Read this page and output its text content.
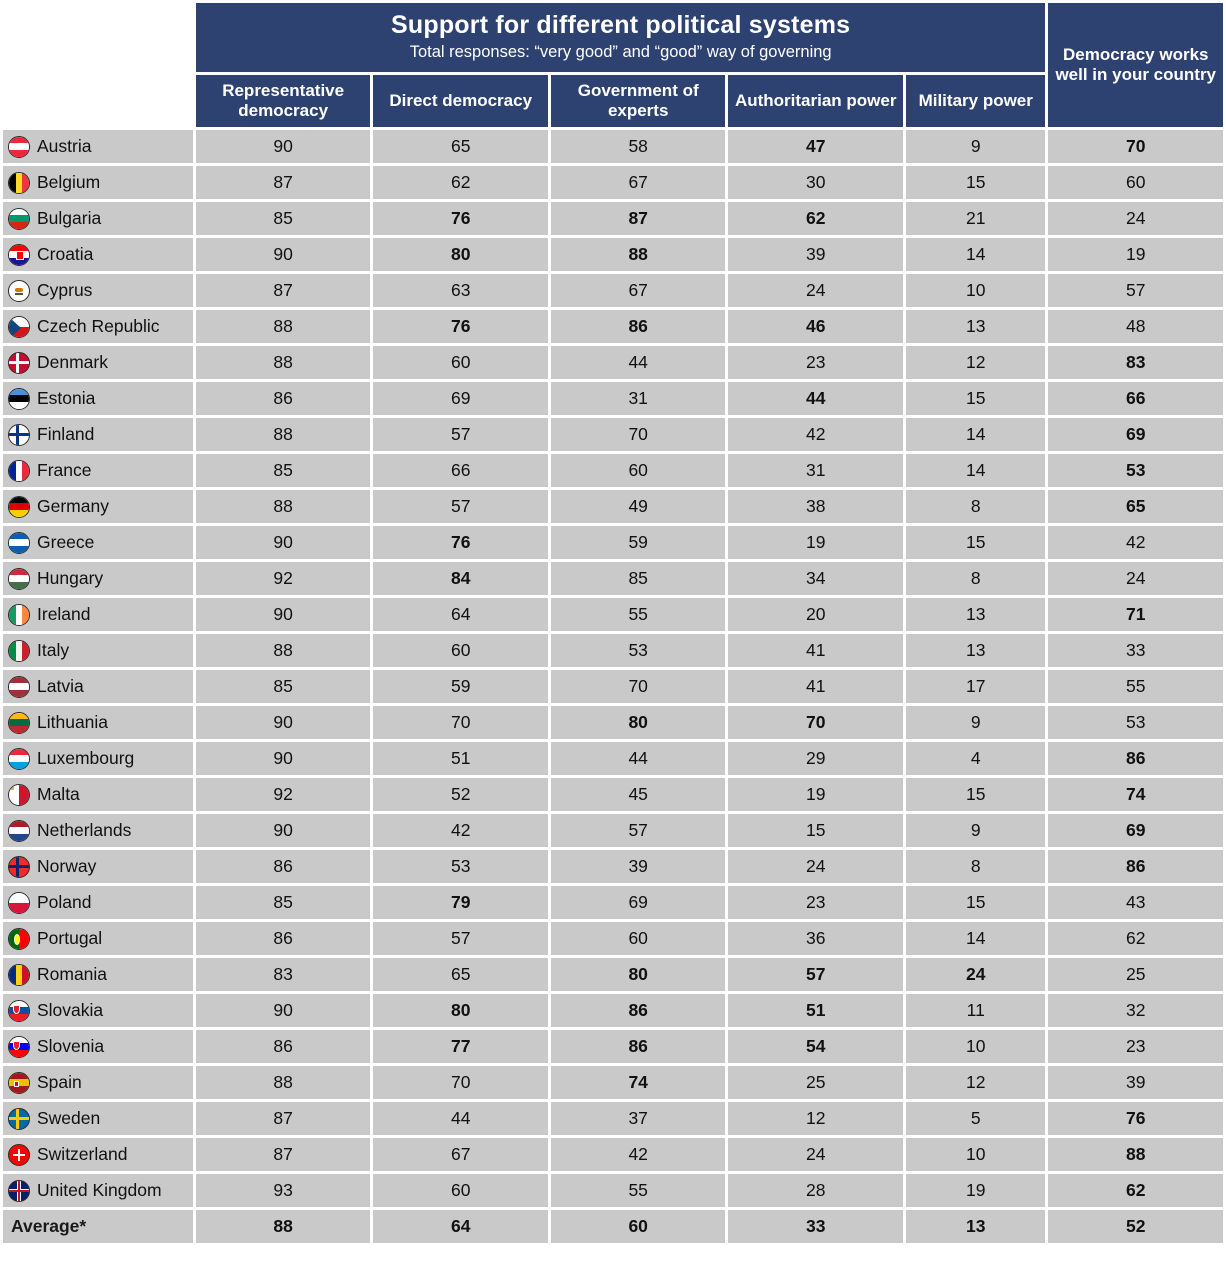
	Support for different political systems
Total responses: “very good” and “good” way of governing					Democracy works well in your country
	Representative democracy	Direct democracy	Government of experts	Authoritarian power	Military power	

Austria	90	65	58	47	9	70

Belgium	87	62	67	30	15	60

Bulgaria	85	76	87	62	21	24

Croatia	90	80	88	39	14	19

Cyprus	87	63	67	24	10	57

Czech Republic	88	76	86	46	13	48

Denmark	88	60	44	23	12	83

Estonia	86	69	31	44	15	66

Finland	88	57	70	42	14	69

France	85	66	60	31	14	53

Germany	88	57	49	38	8	65

Greece	90	76	59	19	15	42

Hungary	92	84	85	34	8	24

Ireland	90	64	55	20	13	71

Italy	88	60	53	41	13	33

Latvia	85	59	70	41	17	55

Lithuania	90	70	80	70	9	53

Luxembourg	90	51	44	29	4	86

Malta	92	52	45	19	15	74

Netherlands	90	42	57	15	9	69

Norway	86	53	39	24	8	86

Poland	85	79	69	23	15	43

Portugal	86	57	60	36	14	62

Romania	83	65	80	57	24	25

Slovakia	90	80	86	51	11	32

Slovenia	86	77	86	54	10	23

Spain	88	70	74	25	12	39

Sweden	87	44	37	12	5	76

Switzerland	87	67	42	24	10	88

United Kingdom	93	60	55	28	19	62
Average*	88	64	60	33	13	52
